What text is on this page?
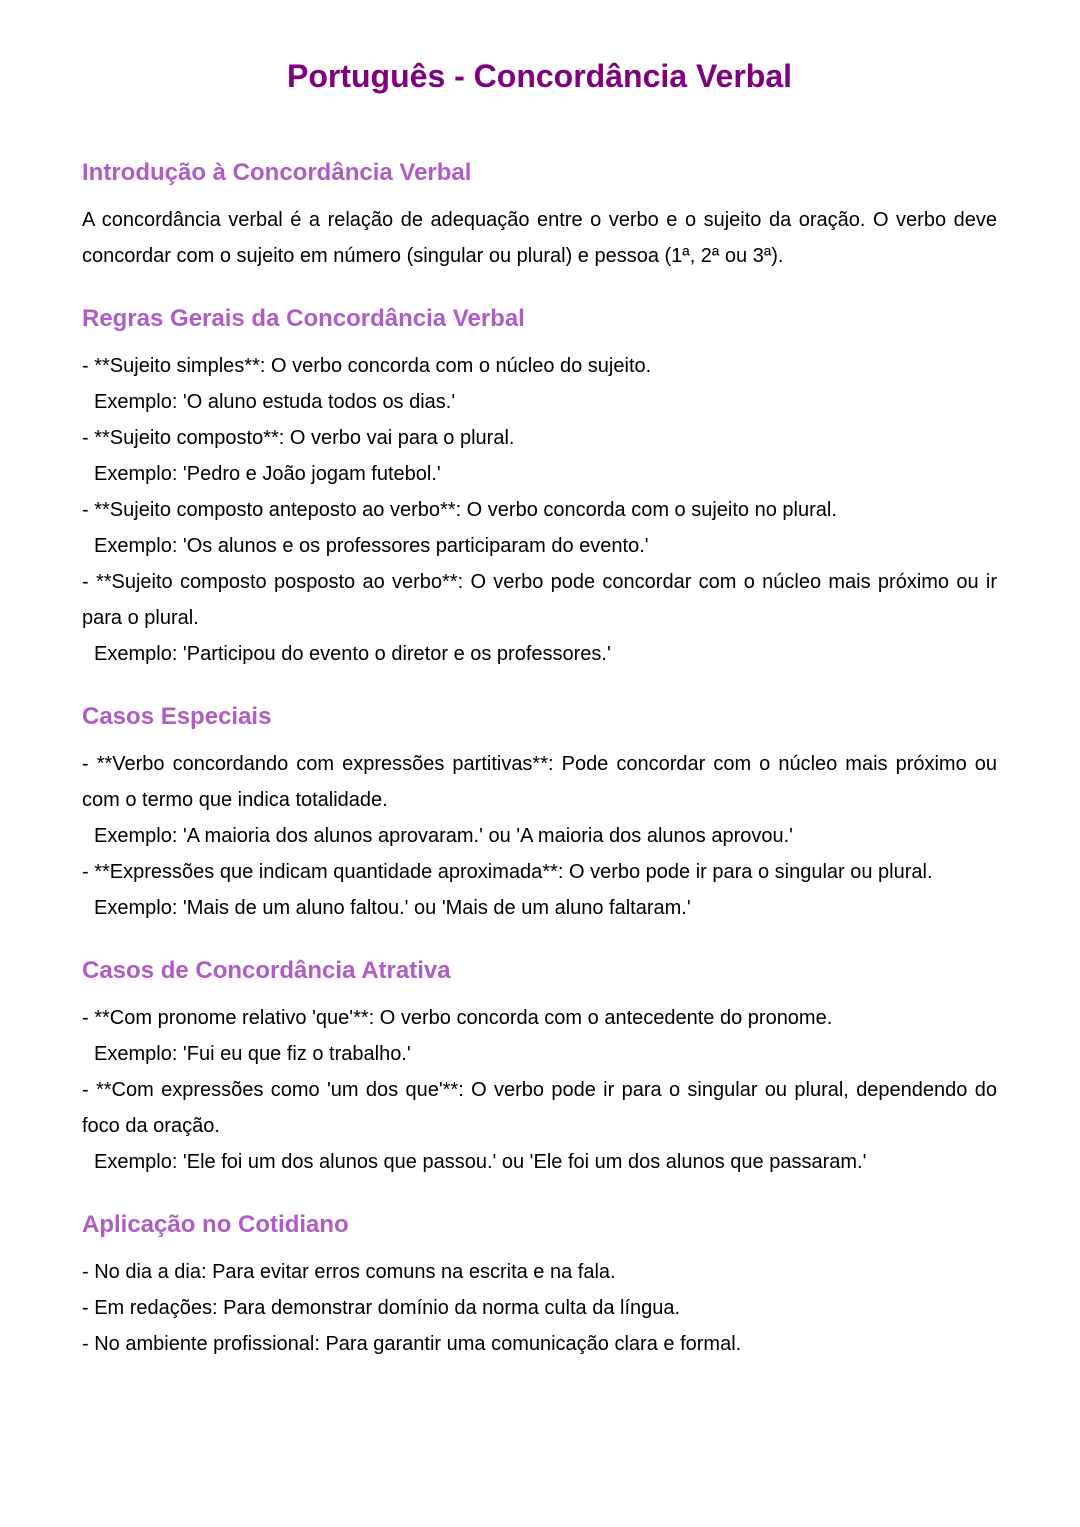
Português - Concordância Verbal
Introdução à Concordância Verbal

A concordância verbal é a relação de adequação entre o verbo e o sujeito da oração. O verbo deve concordar com o sujeito em número (singular ou plural) e pessoa (1ª, 2ª ou 3ª).

Regras Gerais da Concordância Verbal

- **Sujeito simples**: O verbo concorda com o núcleo do sujeito.

Exemplo: 'O aluno estuda todos os dias.'

- **Sujeito composto**: O verbo vai para o plural.

Exemplo: 'Pedro e João jogam futebol.'

- **Sujeito composto anteposto ao verbo**: O verbo concorda com o sujeito no plural.

Exemplo: 'Os alunos e os professores participaram do evento.'

- **Sujeito composto posposto ao verbo**: O verbo pode concordar com o núcleo mais próximo ou ir para o plural.

Exemplo: 'Participou do evento o diretor e os professores.'

Casos Especiais

- **Verbo concordando com expressões partitivas**: Pode concordar com o núcleo mais próximo ou com o termo que indica totalidade.

Exemplo: 'A maioria dos alunos aprovaram.' ou 'A maioria dos alunos aprovou.'

- **Expressões que indicam quantidade aproximada**: O verbo pode ir para o singular ou plural.

Exemplo: 'Mais de um aluno faltou.' ou 'Mais de um aluno faltaram.'

Casos de Concordância Atrativa

- **Com pronome relativo 'que'**: O verbo concorda com o antecedente do pronome.

Exemplo: 'Fui eu que fiz o trabalho.'

- **Com expressões como 'um dos que'**: O verbo pode ir para o singular ou plural, dependendo do foco da oração.

Exemplo: 'Ele foi um dos alunos que passou.' ou 'Ele foi um dos alunos que passaram.'

Aplicação no Cotidiano

- No dia a dia: Para evitar erros comuns na escrita e na fala.

- Em redações: Para demonstrar domínio da norma culta da língua.

- No ambiente profissional: Para garantir uma comunicação clara e formal.
